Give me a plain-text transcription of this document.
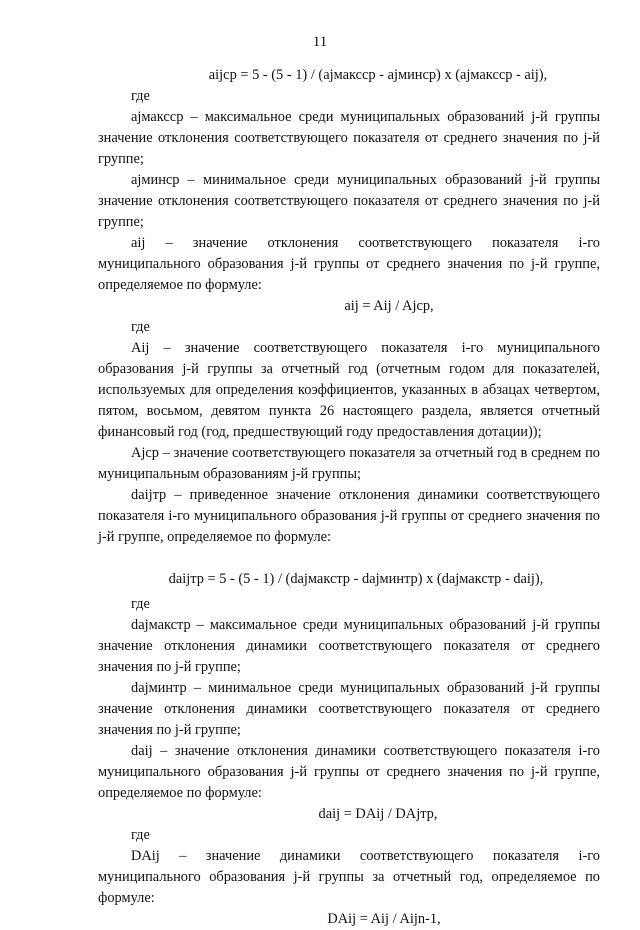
11

aijср = 5 - (5 - 1) / (ajмаксср - ajминср) x (ajмаксср - aij),

где

ajмаксср – максимальное среди муниципальных образований j-й группы значение отклонения соответствующего показателя от среднего значения по j-й группе;

ajминср – минимальное среди муниципальных образований j-й группы значение отклонения соответствующего показателя от среднего значения по j-й группе;

aij – значение отклонения соответствующего показателя i-го муниципального образования j-й группы от среднего значения по j-й группе, определяемое по формуле:

aij = Aij / Ajср,

где

Aij – значение соответствующего показателя i-го муниципального образования j-й группы за отчетный год (отчетным годом для показателей, используемых для определения коэффициентов, указанных в абзацах четвертом, пятом, восьмом, девятом пункта 26 настоящего раздела, является отчетный финансовый год (год, предшествующий году предоставления дотации));

Ajср – значение соответствующего показателя за отчетный год в среднем по муниципальным образованиям j-й группы;

daijтр – приведенное значение отклонения динамики соответствующего показателя i-го муниципального образования j-й группы от среднего значения по j-й группе, определяемое по формуле:

daijтр = 5 - (5 - 1) / (dajмакстр - dajминтр) x (dajмакстр - daij),

где

dajмакстр – максимальное среди муниципальных образований j-й группы значение отклонения динамики соответствующего показателя от среднего значения по j-й группе;

dajминтр – минимальное среди муниципальных образований j-й группы значение отклонения динамики соответствующего показателя от среднего значения по j-й группе;

daij – значение отклонения динамики соответствующего показателя i-го муниципального образования j-й группы от среднего значения по j-й группе, определяемое по формуле:

daij = DAij / DAjтр,

где

DAij – значение динамики соответствующего показателя i-го муниципального образования j-й группы за отчетный год, определяемое по формуле:

DAij = Aij / Aijn-1,
